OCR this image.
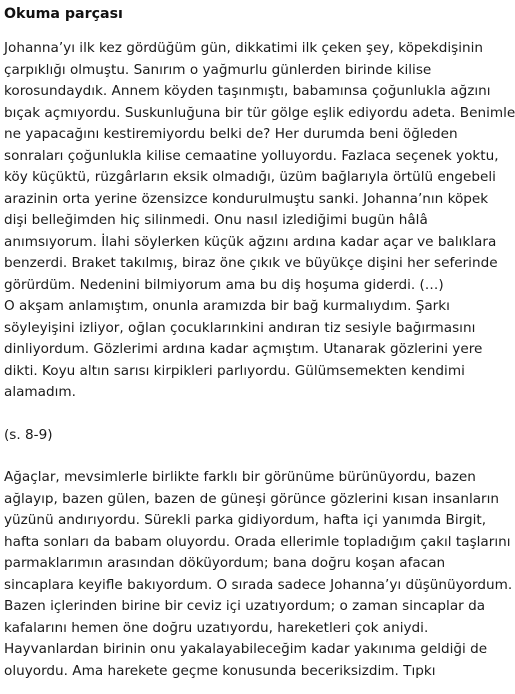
Okuma parçası
Johanna’yı ilk kez gördüğüm gün, dikkatimi ilk çeken şey, köpekdişinin
çarpıklığı olmuştu. Sanırım o yağmurlu günlerden birinde kilise
korosundaydık. Annem köyden taşınmıştı, babamınsa çoğunlukla ağzını
bıçak açmıyordu. Suskunluğuna bir tür gölge eşlik ediyordu adeta. Benimle
ne yapacağını kestiremiyordu belki de? Her durumda beni öğleden
sonraları çoğunlukla kilise cemaatine yolluyordu. Fazlaca seçenek yoktu,
köy küçüktü, rüzgârların eksik olmadığı, üzüm bağlarıyla örtülü engebeli
arazinin orta yerine özensizce kondurulmuştu sanki. Johanna’nın köpek
dişi belleğimden hiç silinmedi. Onu nasıl izlediğimi bugün hâlâ
anımsıyorum. İlahi söylerken küçük ağzını ardına kadar açar ve balıklara
benzerdi. Braket takılmış, biraz öne çıkık ve büyükçe dişini her seferinde
görürdüm. Nedenini bilmiyorum ama bu diş hoşuma giderdi. (…)
O akşam anlamıştım, onunla aramızda bir bağ kurmalıydım. Şarkı
söyleyişini izliyor, oğlan çocuklarınkini andıran tiz sesiyle bağırmasını
dinliyordum. Gözlerimi ardına kadar açmıştım. Utanarak gözlerini yere
dikti. Koyu altın sarısı kirpikleri parlıyordu. Gülümsemekten kendimi
alamadım.
(s. 8-9)
Ağaçlar, mevsimlerle birlikte farklı bir görünüme bürünüyordu, bazen
ağlayıp, bazen gülen, bazen de güneşi görünce gözlerini kısan insanların
yüzünü andırıyordu. Sürekli parka gidiyordum, hafta içi yanımda Birgit,
hafta sonları da babam oluyordu. Orada ellerimle topladığım çakıl taşlarını
parmaklarımın arasından döküyordum; bana doğru koşan afacan
sincaplara keyifle bakıyordum. O sırada sadece Johanna’yı düşünüyordum.
Bazen içlerinden birine bir ceviz içi uzatıyordum; o zaman sincaplar da
kafalarını hemen öne doğru uzatıyordu, hareketleri çok aniydi.
Hayvanlardan birinin onu yakalayabileceğim kadar yakınıma geldiği de
oluyordu. Ama harekete geçme konusunda beceriksizdim. Tıpkı
